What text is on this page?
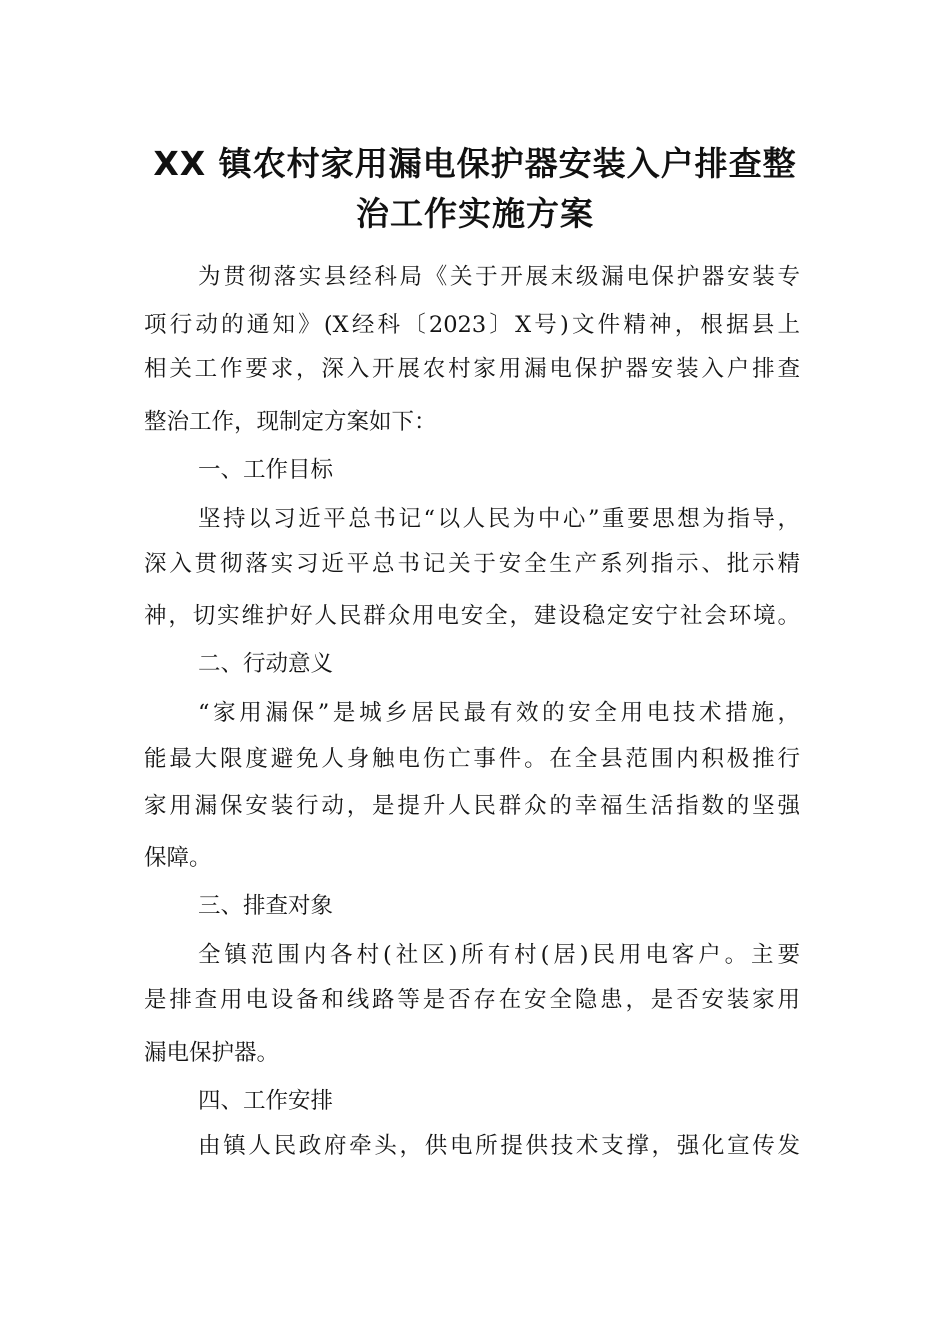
XX 镇农村家用漏电保护器安装入户排查整
治工作实施方案

为贯彻落实县经科局《关于开展末级漏电保护器安装专

项行动的通知》(X经科〔2023〕X号)文件精神，根据县上

相关工作要求，深入开展农村家用漏电保护器安装入户排查

整治工作，现制定方案如下：

一、工作目标

坚持以习近平总书记“以人民为中心”重要思想为指导，

深入贯彻落实习近平总书记关于安全生产系列指示、批示精

神，切实维护好人民群众用电安全，建设稳定安宁社会环境。

二、行动意义

“家用漏保”是城乡居民最有效的安全用电技术措施，

能最大限度避免人身触电伤亡事件。在全县范围内积极推行

家用漏保安装行动，是提升人民群众的幸福生活指数的坚强

保障。

三、排查对象

全镇范围内各村(社区)所有村(居)民用电客户。主要

是排查用电设备和线路等是否存在安全隐患，是否安装家用

漏电保护器。

四、工作安排

由镇人民政府牵头，供电所提供技术支撑，强化宣传发
